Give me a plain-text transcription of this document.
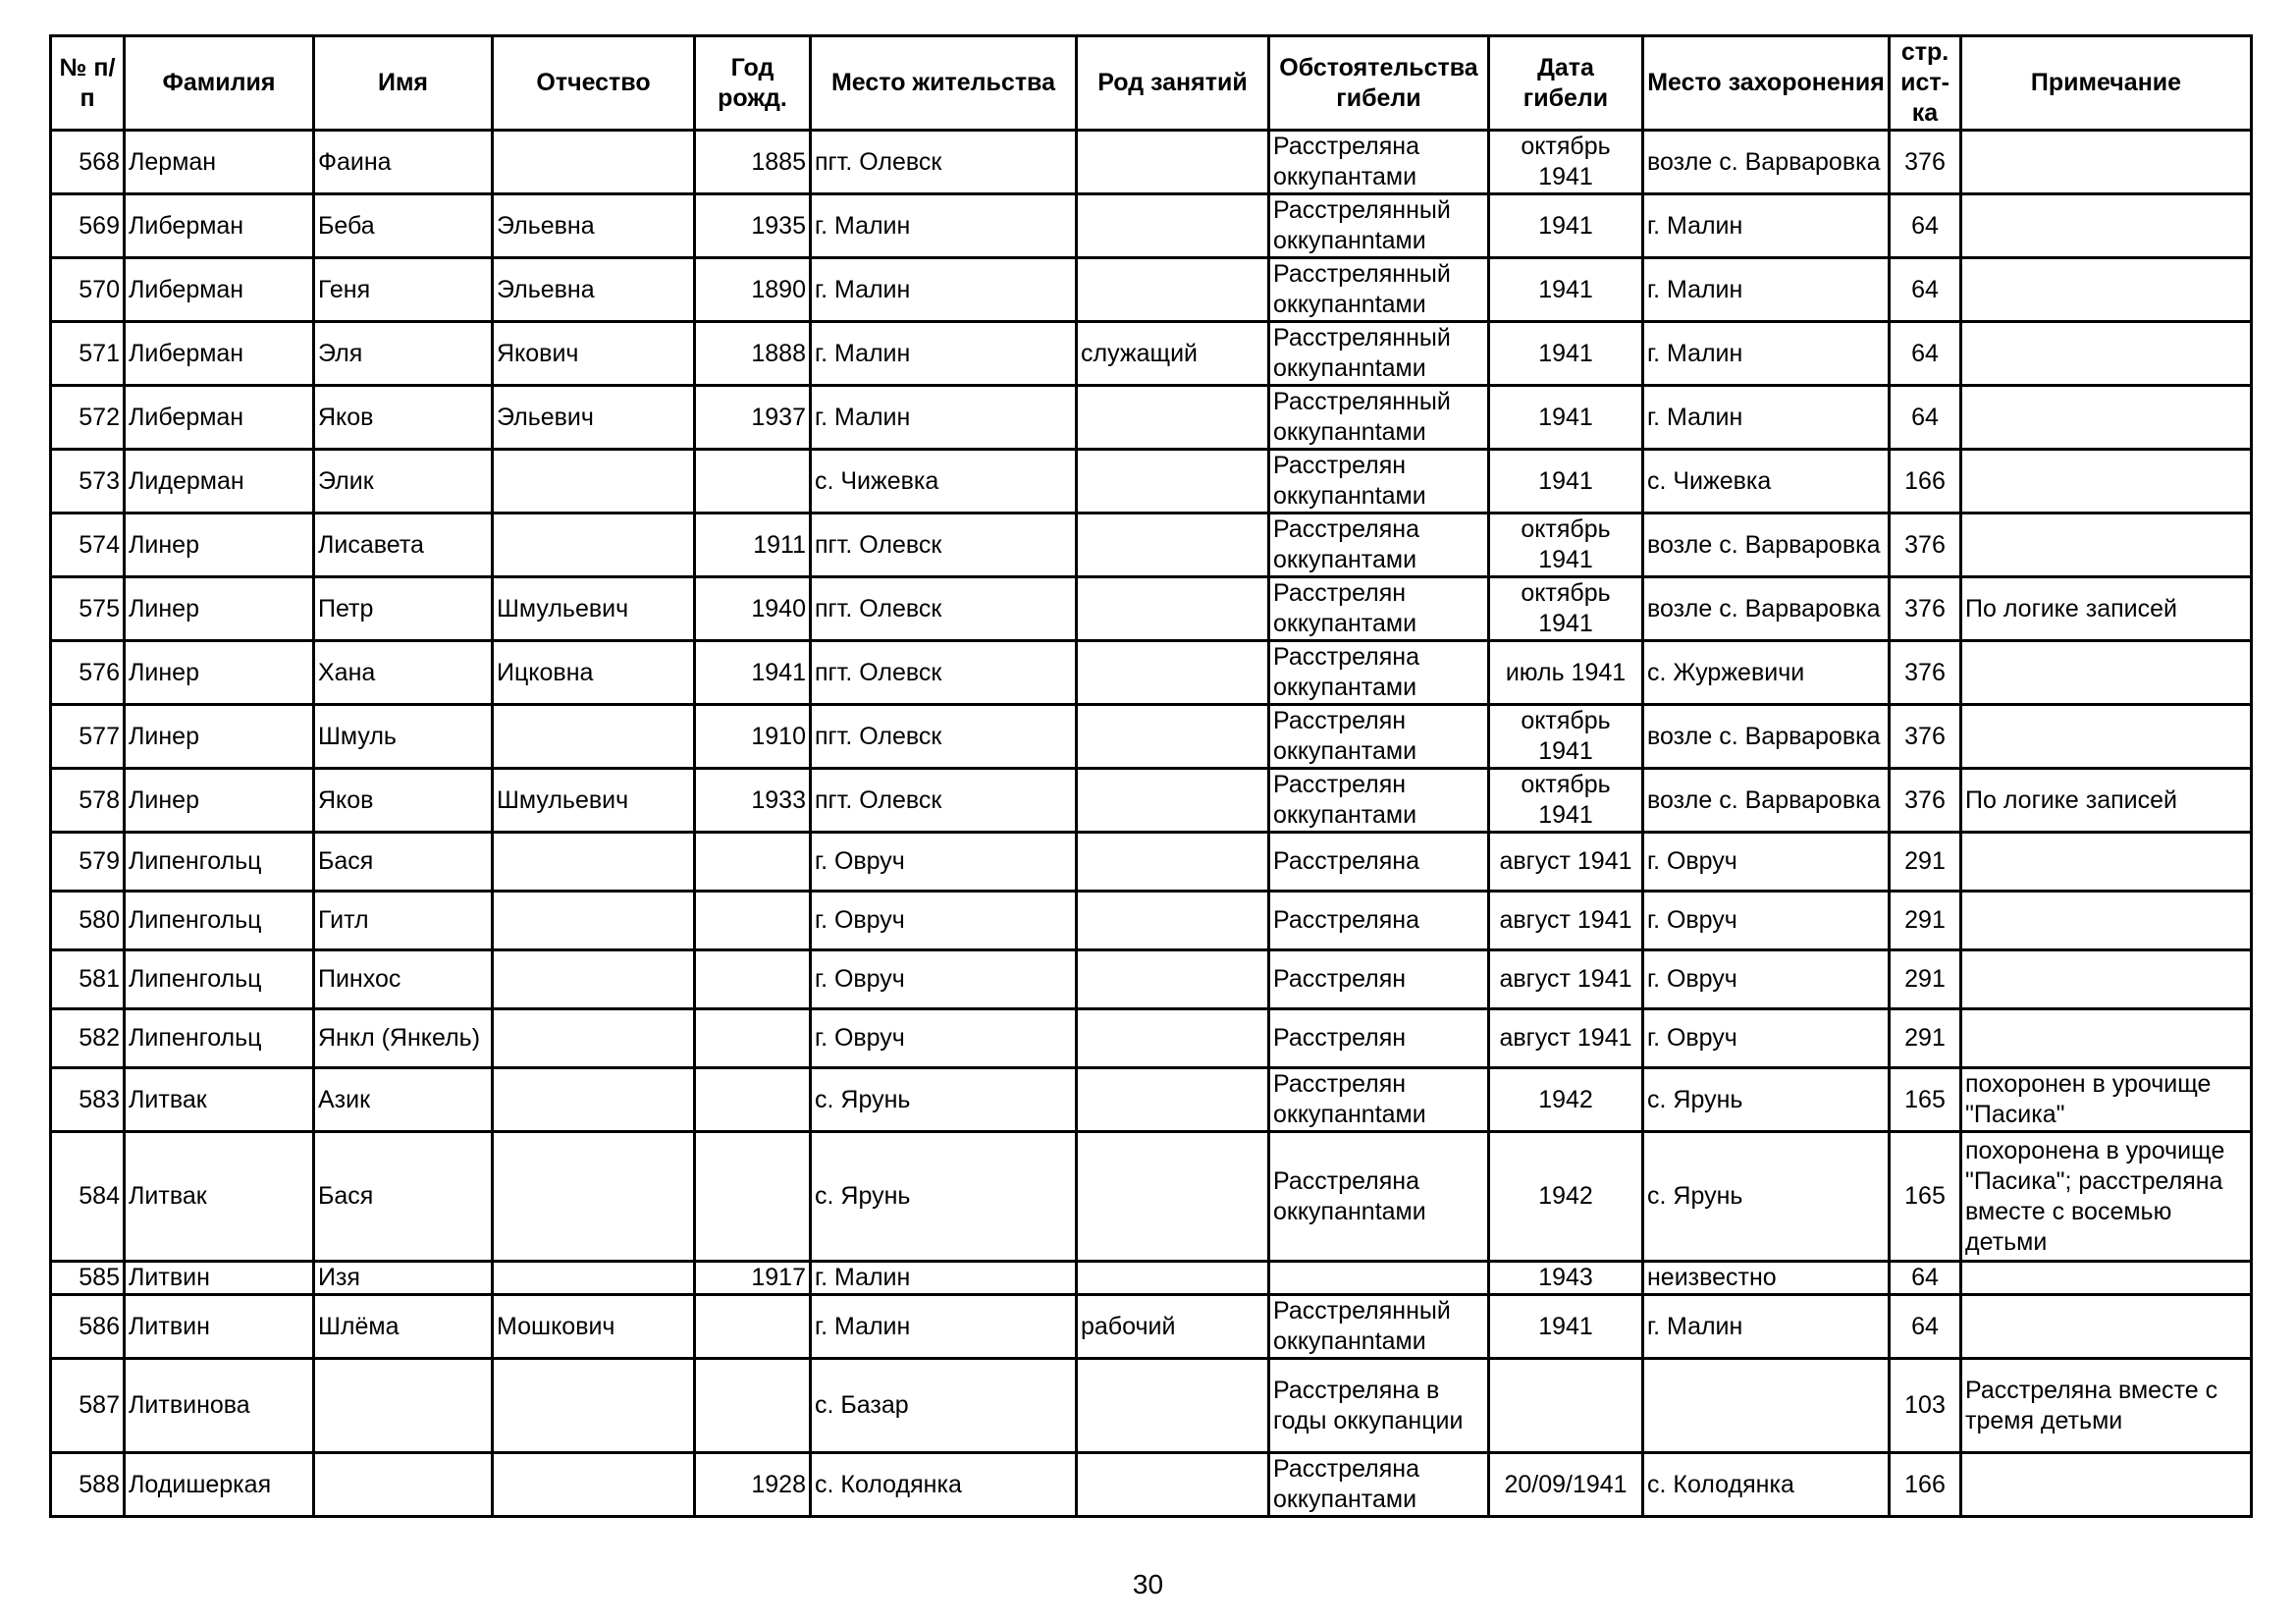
№ п/п	Фамилия	Имя	Отчество	Год рожд.	Место жительства	Род занятий	Обстоятельства гибели	Дата гибели	Место захоронения	стр. ист-ка	Примечание
568	Лерман	Фаина		1885	пгт. Олевск		Расстреляна оккупантами	октябрь 1941	возле с. Варваровка	376	
569	Либерман	Беба	Эльевна	1935	г. Малин		Расстрелянный оккупанntами	1941	г. Малин	64	
570	Либерман	Геня	Эльевна	1890	г. Малин		Расстрелянный оккупанntами	1941	г. Малин	64	
571	Либерман	Эля	Якович	1888	г. Малин	служащий	Расстрелянный оккупанntами	1941	г. Малин	64	
572	Либерман	Яков	Эльевич	1937	г. Малин		Расстрелянный оккупанntами	1941	г. Малин	64	
573	Лидерман	Элик			с. Чижевка		Расстрелян оккупанntами	1941	с. Чижевка	166	
574	Линер	Лисавета		1911	пгт. Олевск		Расстреляна оккупантами	октябрь 1941	возле с. Варваровка	376	
575	Линер	Петр	Шмульевич	1940	пгт. Олевск		Расстрелян оккупантами	октябрь 1941	возле с. Варваровка	376	По логике записей
576	Линер	Хана	Ицковна	1941	пгт. Олевск		Расстреляна оккупантами	июль 1941	с. Журжевичи	376	
577	Линер	Шмуль		1910	пгт. Олевск		Расстрелян оккупантами	октябрь 1941	возле с. Варваровка	376	
578	Линер	Яков	Шмульевич	1933	пгт. Олевск		Расстрелян оккупантами	октябрь 1941	возле с. Варваровка	376	По логике записей
579	Липенгольц	Бася			г. Овруч		Расстреляна	август 1941	г. Овруч	291	
580	Липенгольц	Гитл			г. Овруч		Расстреляна	август 1941	г. Овруч	291	
581	Липенгольц	Пинхос			г. Овруч		Расстрелян	август 1941	г. Овруч	291	
582	Липенгольц	Янкл (Янкель)			г. Овруч		Расстрелян	август 1941	г. Овруч	291	
583	Литвак	Азик			с. Ярунь		Расстрелян оккупанntами	1942	с. Ярунь	165	похоронен в урочище "Пасика"
584	Литвак	Бася			с. Ярунь		Расстреляна оккупанntами	1942	с. Ярунь	165	похоронена в урочище "Пасика"; расстреляна вместе с восемью детьми
585	Литвин	Изя		1917	г. Малин			1943	неизвестно	64	
586	Литвин	Шлёма	Мошкович		г. Малин	рабочий	Расстрелянный оккупанntами	1941	г. Малин	64	
587	Литвинова				с. Базар		Расстреляна в годы оккупанции			103	Расстреляна вместе с тремя детьми
588	Лодишеркая			1928	с. Колодянка		Расстреляна оккупантами	20/09/1941	с. Колодянка	166	
30
